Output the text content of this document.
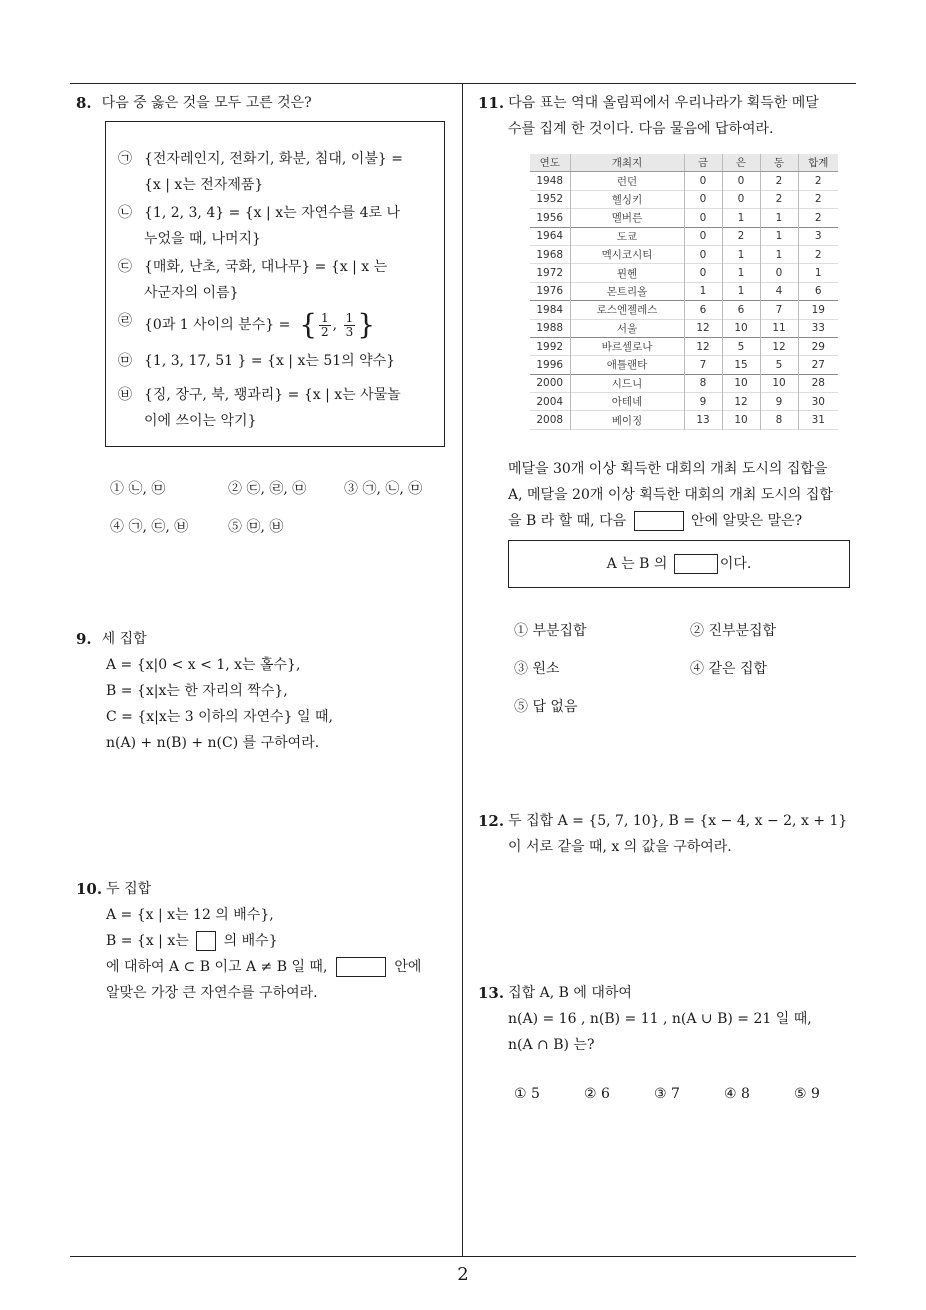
8. 다음 중 옳은 것을 모두 고른 것은?
㉠ {전자레인지, 전화기, 화분, 침대, 이불} =
{x | x는 전자제품}
㉡ {1, 2, 3, 4} = {x | x는 자연수를 4로 나
누었을 때, 나머지}
㉢ {매화, 난초, 국화, 대나무} = {x | x 는
사군자의 이름}
㉣ {0과 1 사이의 분수} = { $\frac{1}{2}$ , $\frac{1}{3}$ }
㉤ {1, 3, 17, 51 } = {x | x는 51의 약수}
㉥ {징, 장구, 북, 꽹과리} = {x | x는 사물놀
이에 쓰이는 악기}
① ㉡, ㉤	② ㉢, ㉣, ㉤	③ ㉠, ㉡, ㉤
④ ㉠, ㉢, ㉥	⑤ ㉤, ㉥
9. 세 집합
A = {x|0 < x < 1, x는 홀수},
B = {x|x는 한 자리의 짝수},
C = {x|x는 3 이하의 자연수} 일 때,
n(A) + n(B) + n(C) 를 구하여라.
10. 두 집합
A = {x | x는 12 의 배수},
B = {x | x는 의 배수}
에 대하여 A ⊂ B 이고 A ≠ B 일 때,	안에
알맞은 가장 큰 자연수를 구하여라.
11. 다음 표는 역대 올림픽에서 우리나라가 획득한 메달
수를 집계 한 것이다. 다음 물음에 답하여라.
연도	개최지	금	은	동	합계
1948	런던	0	0	2	2
1952	헬싱키	0	0	2	2
1956	멜버른	0	1	1	2
1964	도쿄	0	2	1	3
1968	멕시코시티	0	1	1	2
1972	뮌헨	0	1	0	1
1976	몬트리올	1	1	4	6
1984	로스엔젤레스	6	6	7	19
1988	서울	12	10	11	33
1992	바르셀로나	12	5	12	29
1996	애틀랜타	7	15	5	27
2000	시드니	8	10	10	28
2004	아테네	9	12	9	30
2008	베이징	13	10	8	31
메달을 30개 이상 획득한 대회의 개최 도시의 집합을
A, 메달을 20개 이상 획득한 대회의 개최 도시의 집합
을 B 라 할 때, 다음	안에 알맞은 말은?
A 는 B 의	이다.
① 부분집합	② 진부분집합
③ 원소	④ 같은 집합
⑤ 답 없음
12. 두 집합 A = {5, 7, 10}, B = {x − 4, x − 2, x + 1}
이 서로 같을 때, x 의 값을 구하여라.
13. 집합 A, B 에 대하여
n(A) = 16 , n(B) = 11 , n(A ∪ B) = 21 일 때,
n(A ∩ B) 는?
① 5	② 6	③ 7	④ 8	⑤ 9
2
